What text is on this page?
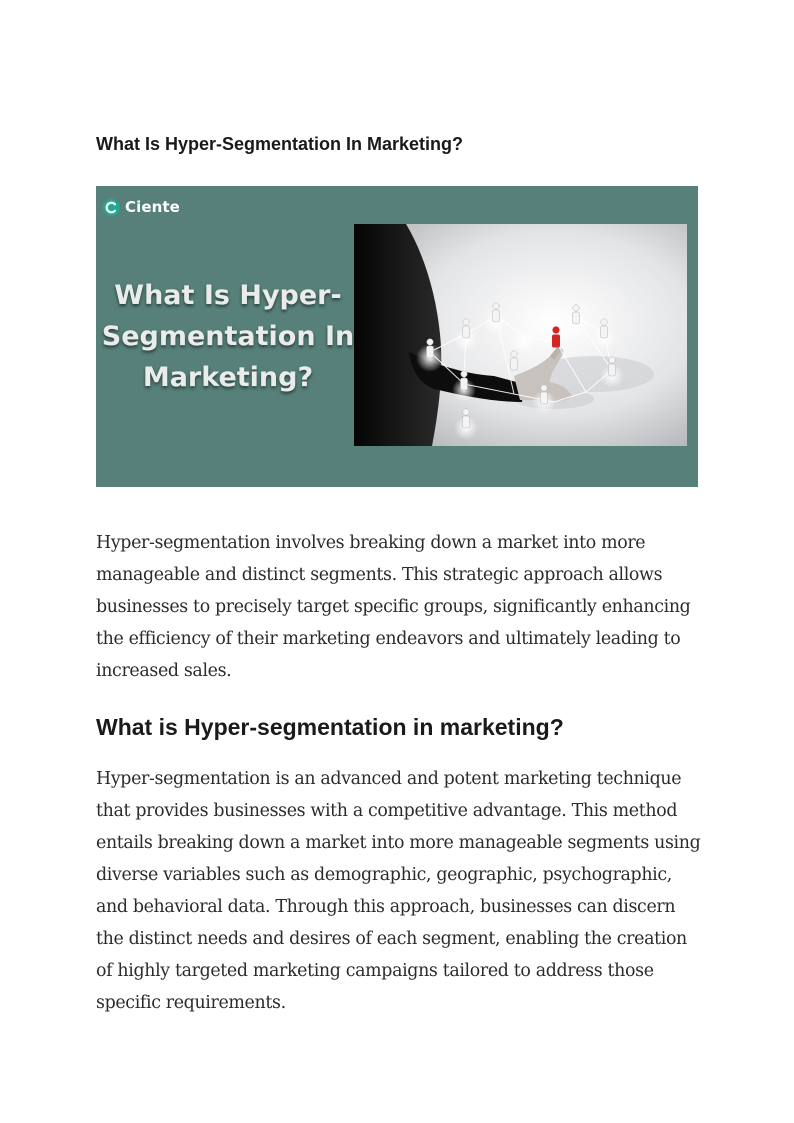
What Is Hyper-Segmentation In Marketing?
Ciente
What Is Hyper-
Segmentation In
Marketing?

Hyper-segmentation involves breaking down a market into more manageable and distinct segments. This strategic approach allows businesses to precisely target specific groups, significantly enhancing the efficiency of their marketing endeavors and ultimately leading to increased sales.

What is Hyper-segmentation in marketing?

Hyper-segmentation is an advanced and potent marketing technique that provides businesses with a competitive advantage. This method entails breaking down a market into more manageable segments using diverse variables such as demographic, geographic, psychographic, and behavioral data. Through this approach, businesses can discern the distinct needs and desires of each segment, enabling the creation of highly targeted marketing campaigns tailored to address those specific requirements.
